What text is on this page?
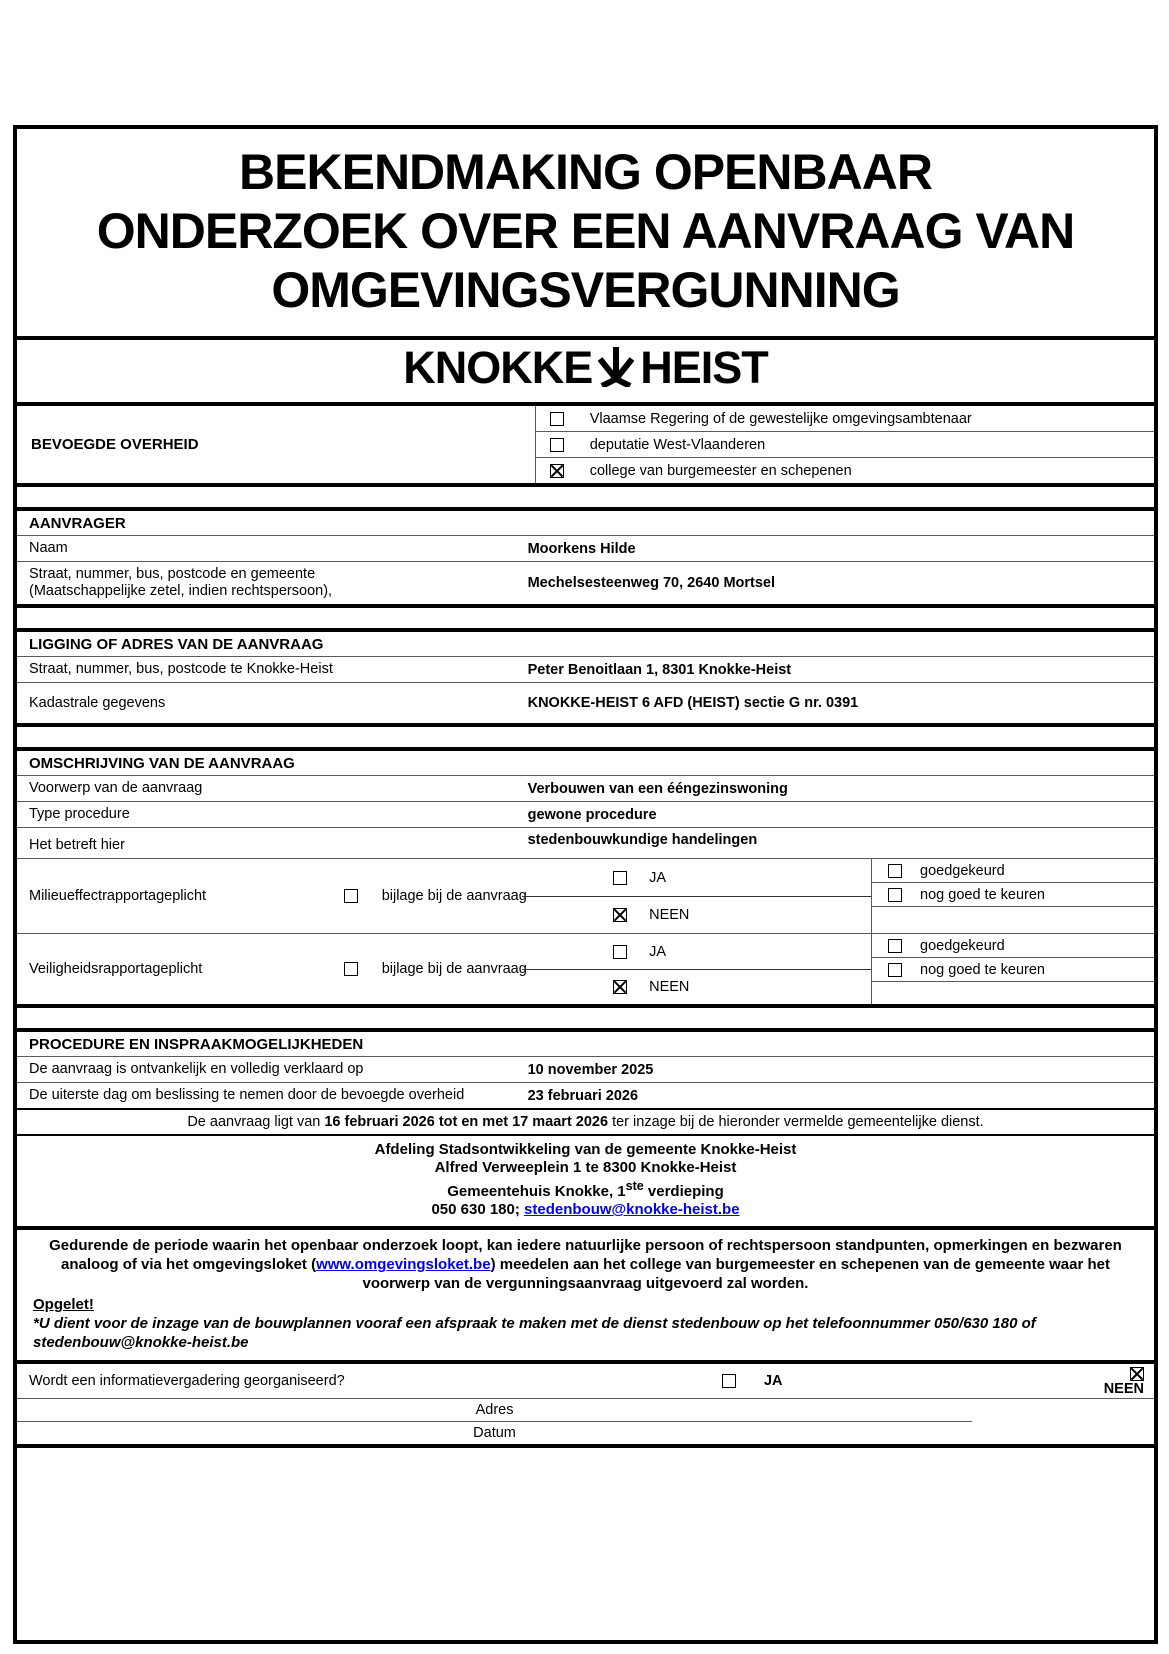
BEKENDMAKING OPENBAAR
ONDERZOEK OVER EEN AANVRAAG VAN
OMGEVINGSVERGUNNING
KNOKKE HEIST
BEVOEGDE OVERHEID
Vlaamse Regering of de gewestelijke omgevingsambtenaar
deputatie West-Vlaanderen
college van burgemeester en schepenen
AANVRAGER
Naam	Moorkens Hilde
Straat, nummer, bus, postcode en gemeente
(Maatschappelijke zetel, indien rechtspersoon),	Mechelsesteenweg 70, 2640 Mortsel
LIGGING OF ADRES VAN DE AANVRAAG
Straat, nummer, bus, postcode te Knokke-Heist	Peter Benoitlaan 1, 8301 Knokke-Heist
Kadastrale gegevens	KNOKKE-HEIST 6 AFD (HEIST) sectie G nr. 0391
OMSCHRIJVING VAN DE AANVRAAG
Voorwerp van de aanvraag	Verbouwen van een ééngezinswoning
Type procedure	gewone procedure
Het betreft hier	stedenbouwkundige handelingen
Milieueffectrapportageplicht	bijlage bij de aanvraag
JA
NEEN
goedgekeurd
nog goed te keuren
Veiligheidsrapportageplicht	bijlage bij de aanvraag
JA
NEEN
goedgekeurd
nog goed te keuren
PROCEDURE EN INSPRAAKMOGELIJKHEDEN
De aanvraag is ontvankelijk en volledig verklaard op	10 november 2025
De uiterste dag om beslissing te nemen door de bevoegde overheid	23 februari 2026
De aanvraag ligt van 16 februari 2026 tot en met 17 maart 2026 ter inzage bij de hieronder vermelde gemeentelijke dienst.
Afdeling Stadsontwikkeling van de gemeente Knokke-Heist
Alfred Verweeplein 1 te 8300 Knokke-Heist
Gemeentehuis Knokke, 1ste verdieping
050 630 180; stedenbouw@knokke-heist.be
Gedurende de periode waarin het openbaar onderzoek loopt, kan iedere natuurlijke persoon of rechtspersoon standpunten, opmerkingen en bezwaren analoog of via het omgevingsloket (www.omgevingsloket.be) meedelen aan het college van burgemeester en schepenen van de gemeente waar het voorwerp van de vergunningsaanvraag uitgevoerd zal worden.
Opgelet!
*U dient voor de inzage van de bouwplannen vooraf een afspraak te maken met de dienst stedenbouw op het telefoonnummer 050/630 180 of stedenbouw@knokke-heist.be
Wordt een informatievergadering georganiseerd?	JA	NEEN
Adres
Datum
